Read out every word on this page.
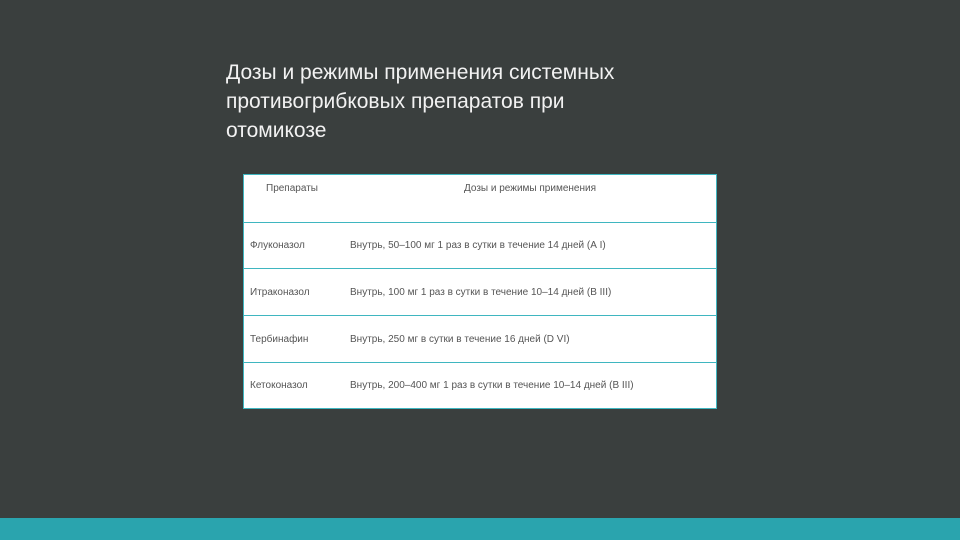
Дозы и режимы применения системных
противогрибковых препаратов при
отомикозе
Препараты	Дозы и режимы применения
Флуконазол	Внутрь, 50–100 мг 1 раз в сутки в течение 14 дней (А I)
Итраконазол	Внутрь, 100 мг 1 раз в сутки в течение 10–14 дней (В III)
Тербинафин	Внутрь, 250 мг в сутки в течение 16 дней (D VI)
Кетоконазол	Внутрь, 200–400 мг 1 раз в сутки в течение 10–14 дней (В III)
